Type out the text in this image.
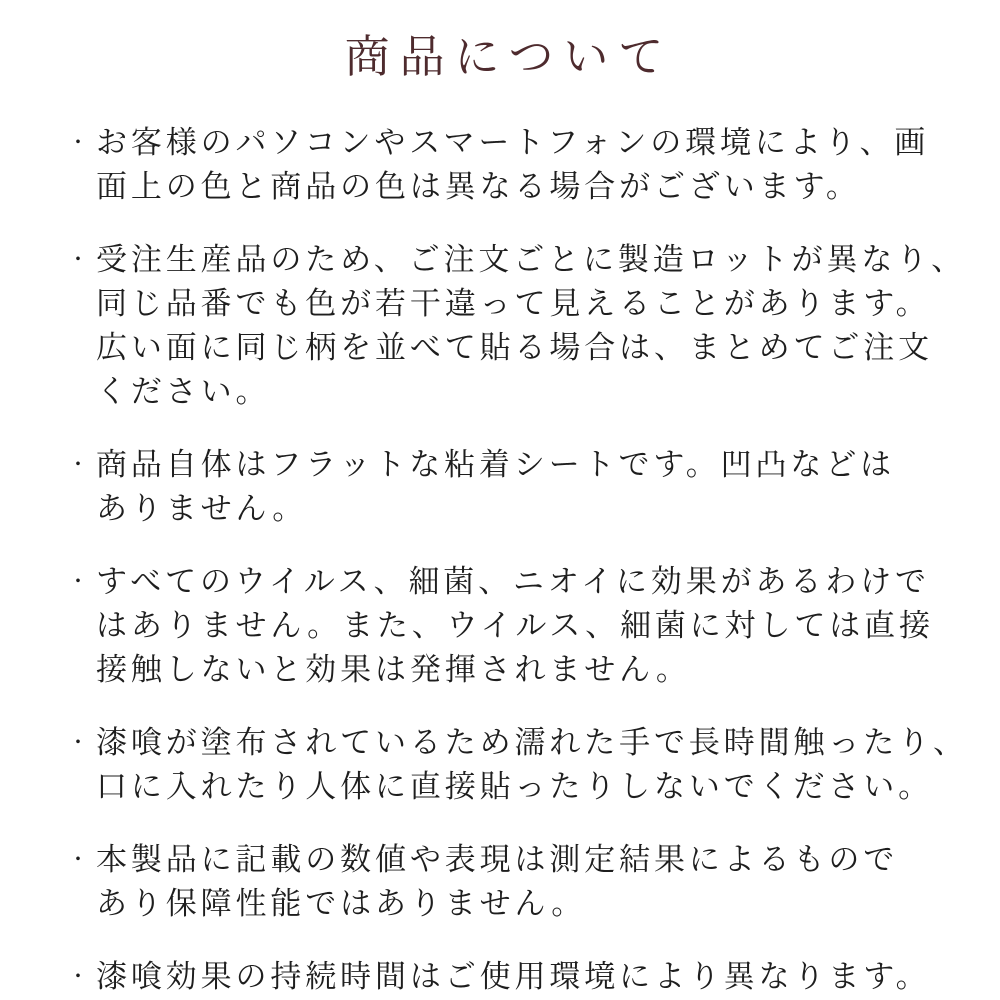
商品について
・ お客様のパソコンやスマートフォンの環境により、画
面上の色と商品の色は異なる場合がございます。
・ 受注生産品のため、ご注文ごとに製造ロットが異なり、
同じ品番でも色が若干違って見えることがあります。
広い面に同じ柄を並べて貼る場合は、まとめてご注文
ください。
・ 商品自体はフラットな粘着シートです。凹凸などは
ありません。
・ すべてのウイルス、細菌、ニオイに効果があるわけで
はありません。また、ウイルス、細菌に対しては直接
接触しないと効果は発揮されません。
・ 漆喰が塗布されているため濡れた手で長時間触ったり、
口に入れたり人体に直接貼ったりしないでください。
・ 本製品に記載の数値や表現は測定結果によるもので
あり保障性能ではありません。
・ 漆喰効果の持続時間はご使用環境により異なります。
